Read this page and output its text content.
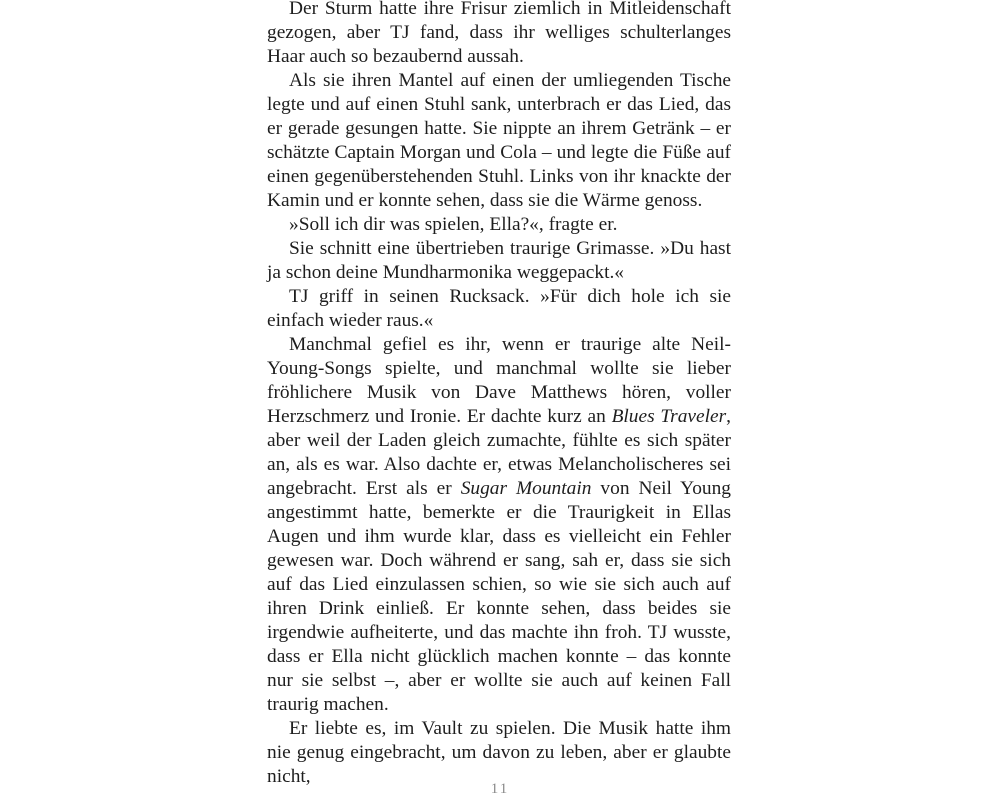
Der Sturm hatte ihre Frisur ziemlich in Mitleidenschaft gezogen, aber TJ fand, dass ihr welliges schulterlanges Haar auch so bezaubernd aussah.

Als sie ihren Mantel auf einen der umliegenden Tische legte und auf einen Stuhl sank, unterbrach er das Lied, das er gerade gesungen hatte. Sie nippte an ihrem Getränk – er schätzte Captain Morgan und Cola – und legte die Füße auf einen gegenüberstehenden Stuhl. Links von ihr knackte der Kamin und er konnte sehen, dass sie die Wärme genoss.

»Soll ich dir was spielen, Ella?«, fragte er.

Sie schnitt eine übertrieben traurige Grimasse. »Du hast ja schon deine Mundharmonika weggepackt.«

TJ griff in seinen Rucksack. »Für dich hole ich sie einfach wieder raus.«

Manchmal gefiel es ihr, wenn er traurige alte Neil-Young-Songs spielte, und manchmal wollte sie lieber fröhlichere Musik von Dave Matthews hören, voller Herzschmerz und Ironie. Er dachte kurz an Blues Traveler, aber weil der Laden gleich zumachte, fühlte es sich später an, als es war. Also dachte er, etwas Melancholischeres sei angebracht. Erst als er Sugar Mountain von Neil Young angestimmt hatte, bemerkte er die Traurigkeit in Ellas Augen und ihm wurde klar, dass es vielleicht ein Fehler gewesen war. Doch während er sang, sah er, dass sie sich auf das Lied einzulassen schien, so wie sie sich auch auf ihren Drink einließ. Er konnte sehen, dass beides sie irgendwie aufheiterte, und das machte ihn froh. TJ wusste, dass er Ella nicht glücklich machen konnte – das konnte nur sie selbst –, aber er wollte sie auch auf keinen Fall traurig machen.

Er liebte es, im Vault zu spielen. Die Musik hatte ihm nie genug eingebracht, um davon zu leben, aber er glaubte nicht,

11
